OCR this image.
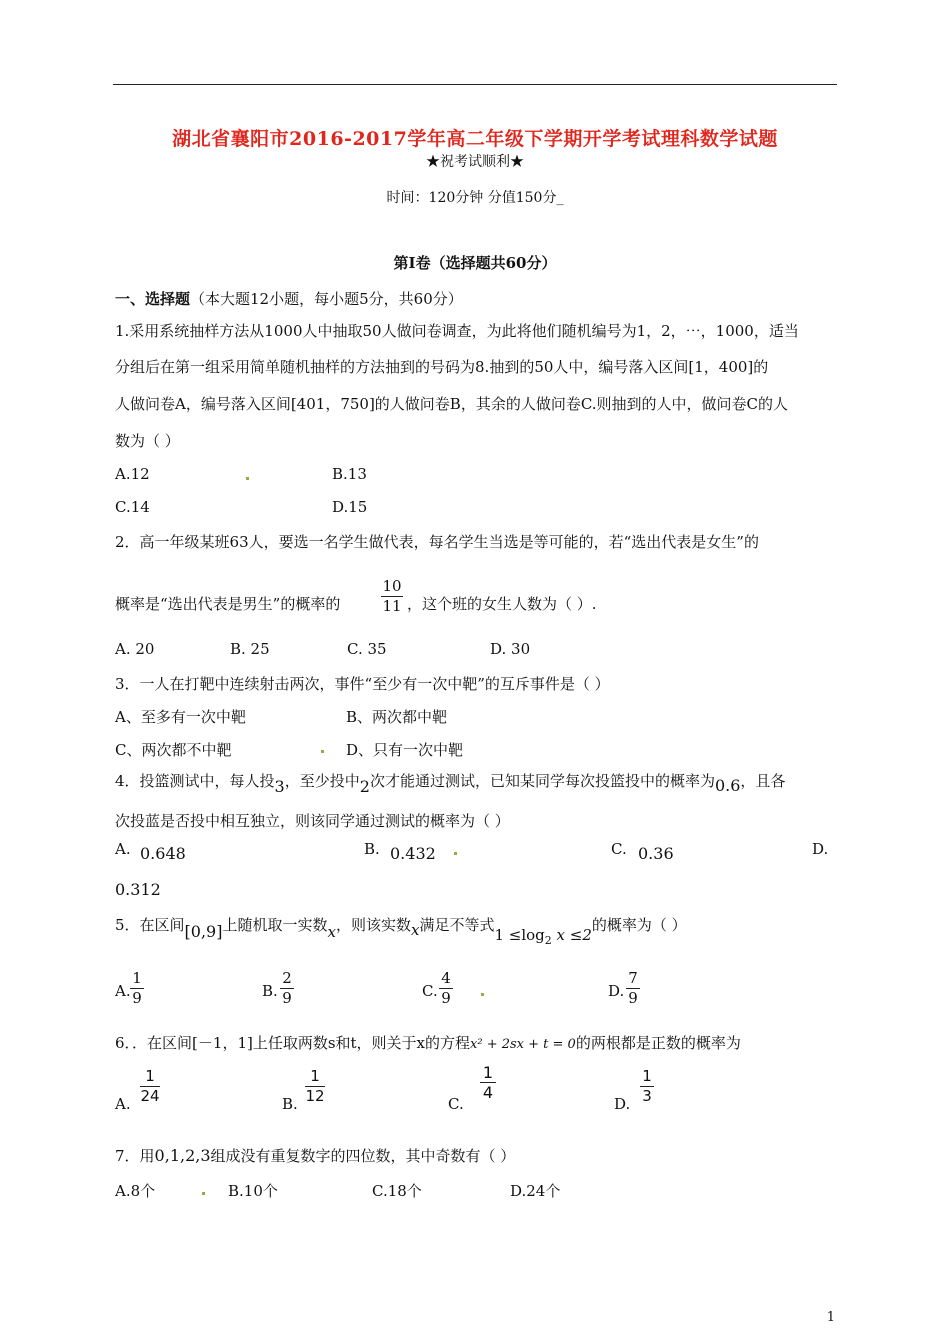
湖北省襄阳市2016-2017学年高二年级下学期开学考试理科数学试题
★祝考试顺利★
时间：120分钟 分值150分_
第Ⅰ卷（选择题共60分）
一、选择题（本大题12小题，每小题5分，共60分）
1.采用系统抽样方法从1000人中抽取50人做问卷调查，为此将他们随机编号为1，2，⋯，1000，适当
分组后在第一组采用简单随机抽样的方法抽到的号码为8.抽到的50人中，编号落入区间[1，400]的
人做问卷A，编号落入区间[401，750]的人做问卷B，其余的人做问卷C.则抽到的人中，做问卷C的人
数为（ ）
A.12	B.13
C.14	D.15
2．高一年级某班63人，要选一名学生做代表，每名学生当选是等可能的，若“选出代表是女生”的
概率是“选出代表是男生”的概率的
10
11 ，这个班的女生人数为（ ）.
A. 20	B. 25	C. 35	D. 30
3．一人在打靶中连续射击两次，事件“至少有一次中靶”的互斥事件是（ ）
A、至多有一次中靶	B、两次都中靶
C、两次都不中靶	D、只有一次中靶
4．投篮测试中，每人投3，至少投中2次才能通过测试，已知某同学每次投篮投中的概率为0.6，且各
次投蓝是否投中相互独立，则该同学通过测试的概率为（ ）
A. 0.648	B. 0.432	C. 0.36	D.
0.312
5．在区间[0,9]上随机取一实数x，则该实数x满足不等式$1 \le\log_2$ x ≤2的概率为（ ）
A.
1
9	B.
2
9	C.
4
9	D.
7
9
6．．在区间[－1，1]上任取两数s和t，则关于x的方程x² + 2sx + t = 0的两根都是正数的概率为
A.
1
24	B.
1
12	C.
1
4
D.
1
3
7．用0,1,2,3组成没有重复数字的四位数，其中奇数有（ ）
A.8个	B.10个	C.18个	D.24个
1
